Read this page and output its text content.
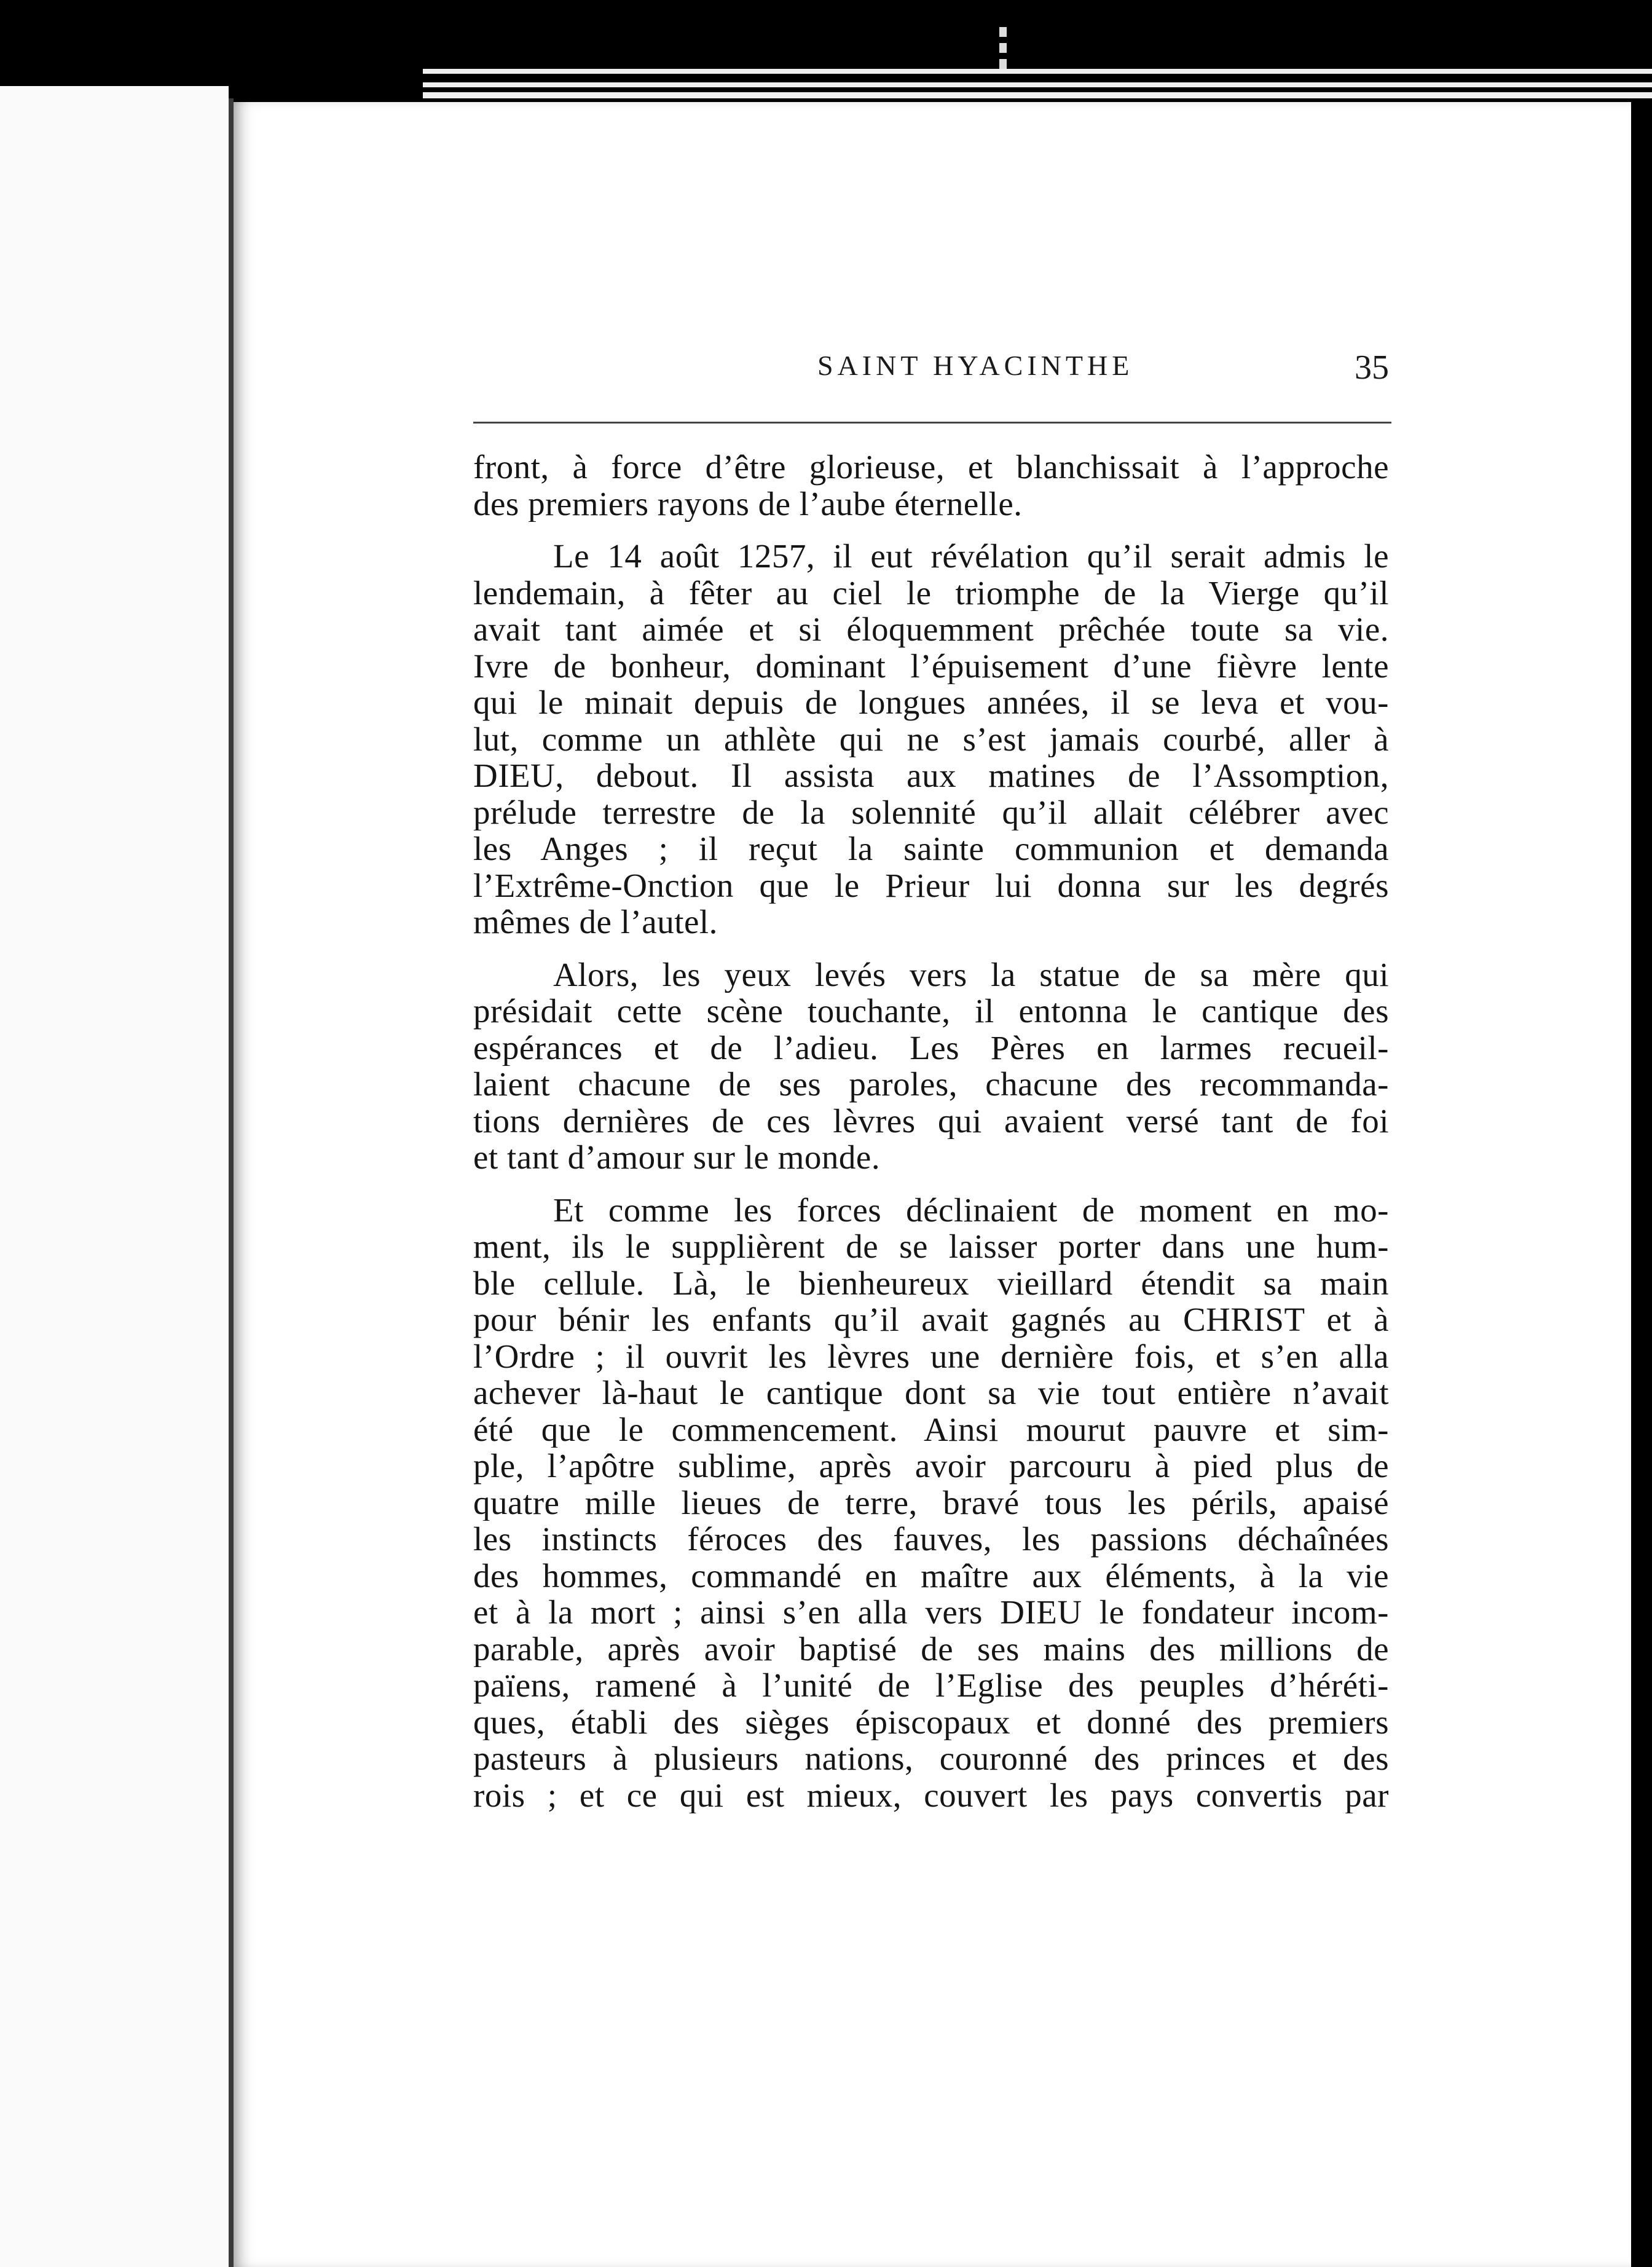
SAINT HYACINTHE	35
front, à force d’être glorieuse, et blanchissait à l’approche
des premiers rayons de l’aube éternelle.
Le 14 août 1257, il eut révélation qu’il serait admis le
lendemain, à fêter au ciel le triomphe de la Vierge qu’il
avait tant aimée et si éloquemment prêchée toute sa vie.
Ivre de bonheur, dominant l’épuisement d’une fièvre lente
qui le minait depuis de longues années, il se leva et vou-
lut, comme un athlète qui ne s’est jamais courbé, aller à
DIEU, debout. Il assista aux matines de l’Assomption,
prélude terrestre de la solennité qu’il allait célébrer avec
les Anges ; il reçut la sainte communion et demanda
l’Extrême-Onction que le Prieur lui donna sur les degrés
mêmes de l’autel.
Alors, les yeux levés vers la statue de sa mère qui
présidait cette scène touchante, il entonna le cantique des
espérances et de l’adieu. Les Pères en larmes recueil-
laient chacune de ses paroles, chacune des recommanda-
tions dernières de ces lèvres qui avaient versé tant de foi
et tant d’amour sur le monde.
Et comme les forces déclinaient de moment en mo-
ment, ils le supplièrent de se laisser porter dans une hum-
ble cellule. Là, le bienheureux vieillard étendit sa main
pour bénir les enfants qu’il avait gagnés au CHRIST et à
l’Ordre ; il ouvrit les lèvres une dernière fois, et s’en alla
achever là-haut le cantique dont sa vie tout entière n’avait
été que le commencement. Ainsi mourut pauvre et sim-
ple, l’apôtre sublime, après avoir parcouru à pied plus de
quatre mille lieues de terre, bravé tous les périls, apaisé
les instincts féroces des fauves, les passions déchaînées
des hommes, commandé en maître aux éléments, à la vie
et à la mort ; ainsi s’en alla vers DIEU le fondateur incom-
parable, après avoir baptisé de ses mains des millions de
païens, ramené à l’unité de l’Eglise des peuples d’héréti-
ques, établi des sièges épiscopaux et donné des premiers
pasteurs à plusieurs nations, couronné des princes et des
rois ; et ce qui est mieux, couvert les pays convertis par
